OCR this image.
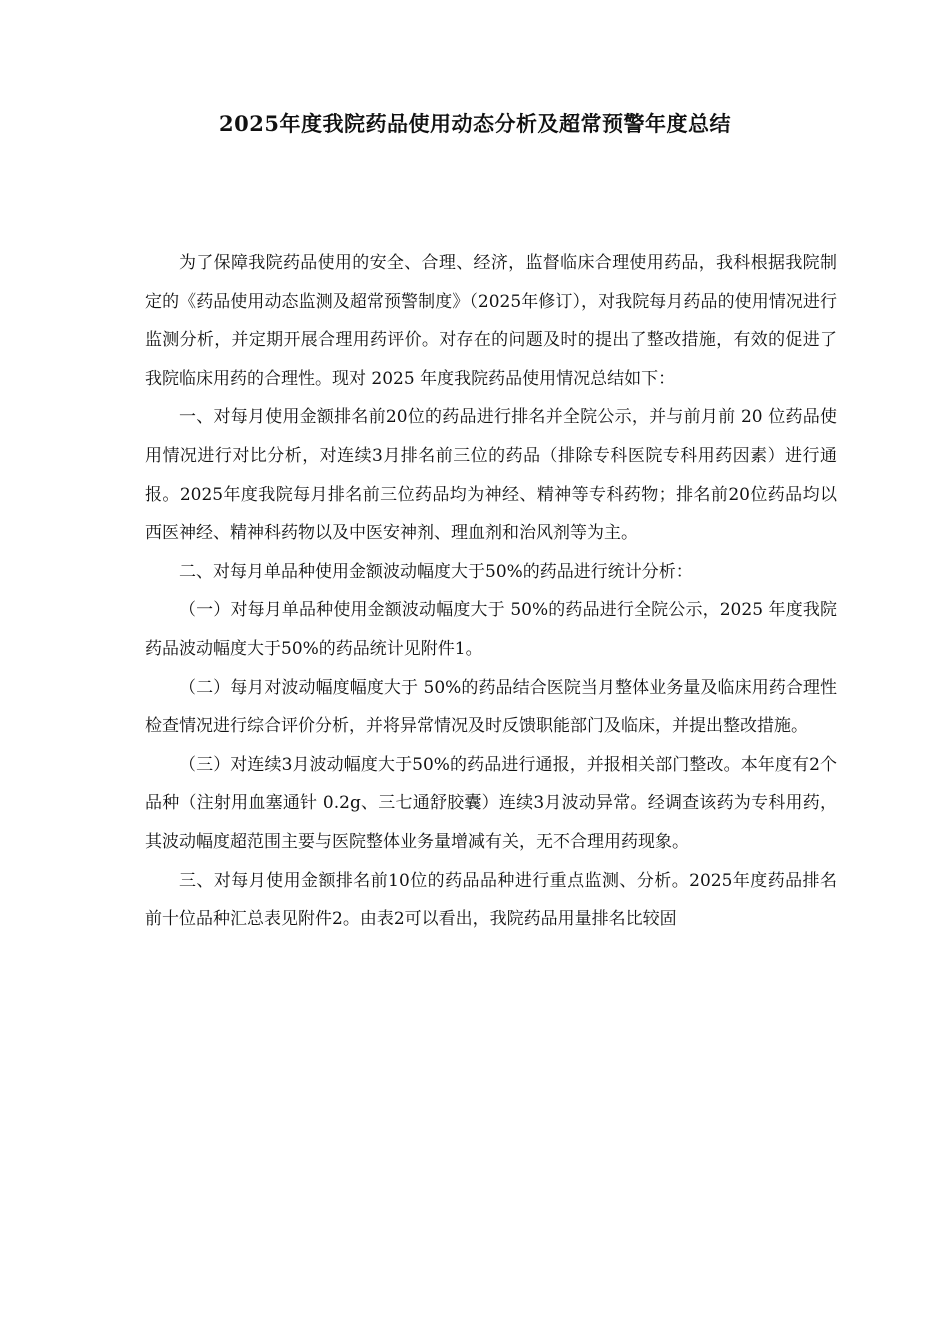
2025年度我院药品使用动态分析及超常预警年度总结

为了保障我院药品使用的安全、合理、经济，监督临床合理使用药品，我科根据我院制定的《药品使用动态监测及超常预警制度》（2025年修订），对我院每月药品的使用情况进行监测分析，并定期开展合理用药评价。对存在的问题及时的提出了整改措施，有效的促进了我院临床用药的合理性。现对 2025 年度我院药品使用情况总结如下：

一、对每月使用金额排名前20位的药品进行排名并全院公示，并与前月前 20 位药品使用情况进行对比分析，对连续3月排名前三位的药品（排除专科医院专科用药因素）进行通报。2025年度我院每月排名前三位药品均为神经、精神等专科药物；排名前20位药品均以西医神经、精神科药物以及中医安神剂、理血剂和治风剂等为主。

二、对每月单品种使用金额波动幅度大于50%的药品进行统计分析：

（一）对每月单品种使用金额波动幅度大于 50%的药品进行全院公示，2025 年度我院药品波动幅度大于50%的药品统计见附件1。

（二）每月对波动幅度幅度大于 50%的药品结合医院当月整体业务量及临床用药合理性检查情况进行综合评价分析，并将异常情况及时反馈职能部门及临床，并提出整改措施。

（三）对连续3月波动幅度大于50%的药品进行通报，并报相关部门整改。本年度有2个品种（注射用血塞通针 0.2g、三七通舒胶囊）连续3月波动异常。经调查该药为专科用药，其波动幅度超范围主要与医院整体业务量增减有关，无不合理用药现象。

三、对每月使用金额排名前10位的药品品种进行重点监测、分析。2025年度药品排名前十位品种汇总表见附件2。由表2可以看出，我院药品用量排名比较固
